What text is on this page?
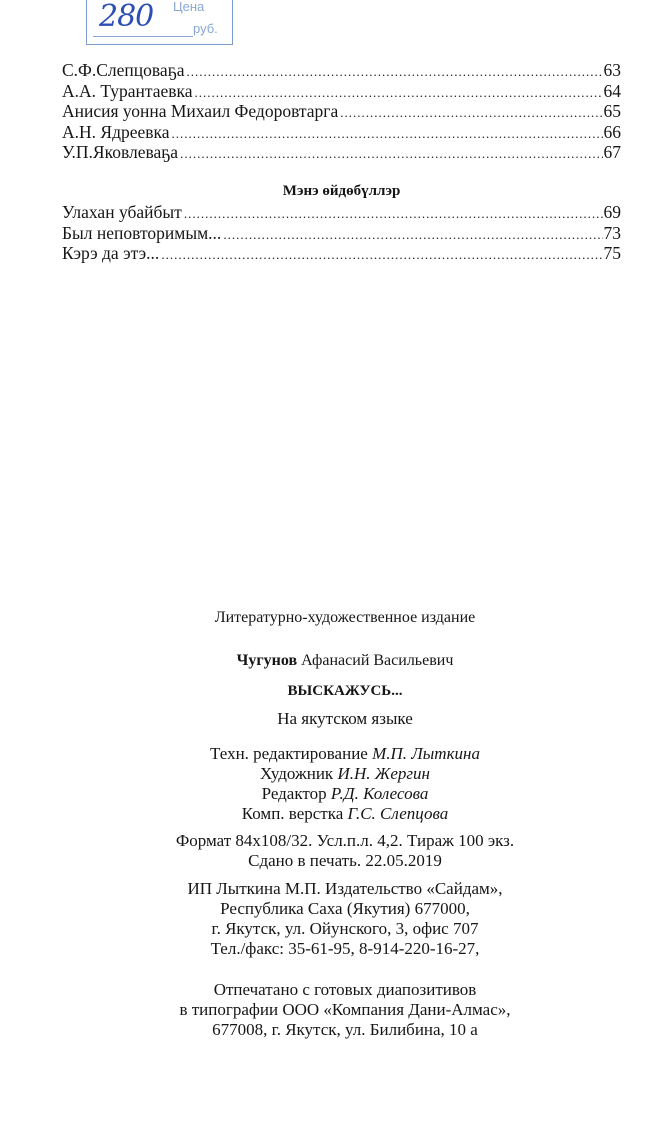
280 Цена
руб.
С.Ф.Слепцоваҕа .....	63
А.А. Турантаевка .....	64
Анисия уонна Михаил Федоровтарга .....	65
А.Н. Ядреевка .....	66
У.П.Яковлеваҕа .....	67
Мэнэ өйдөбүллэр
Улахан убайбыт .....	69
Был неповторимым... .....	73
Кэрэ да этэ... .....	75
Литературно-художественное издание
Чугунов Афанасий Васильевич
ВЫСКАЖУСЬ...
На якутском языке
Техн. редактирование М.П. Лыткина
Художник И.Н. Жергин
Редактор Р.Д. Колесова
Комп. верстка Г.С. Слепцова
Формат 84х108/32. Усл.п.л. 4,2. Тираж 100 экз.
Сдано в печать. 22.05.2019
ИП Лыткина М.П. Издательство «Сайдам»,
Республика Саха (Якутия) 677000,
г. Якутск, ул. Ойунского, 3, офис 707
Тел./факс: 35-61-95, 8-914-220-16-27,
Отпечатано с готовых диапозитивов
в типографии ООО «Компания Дани-Алмас»,
677008, г. Якутск, ул. Билибина, 10 а
